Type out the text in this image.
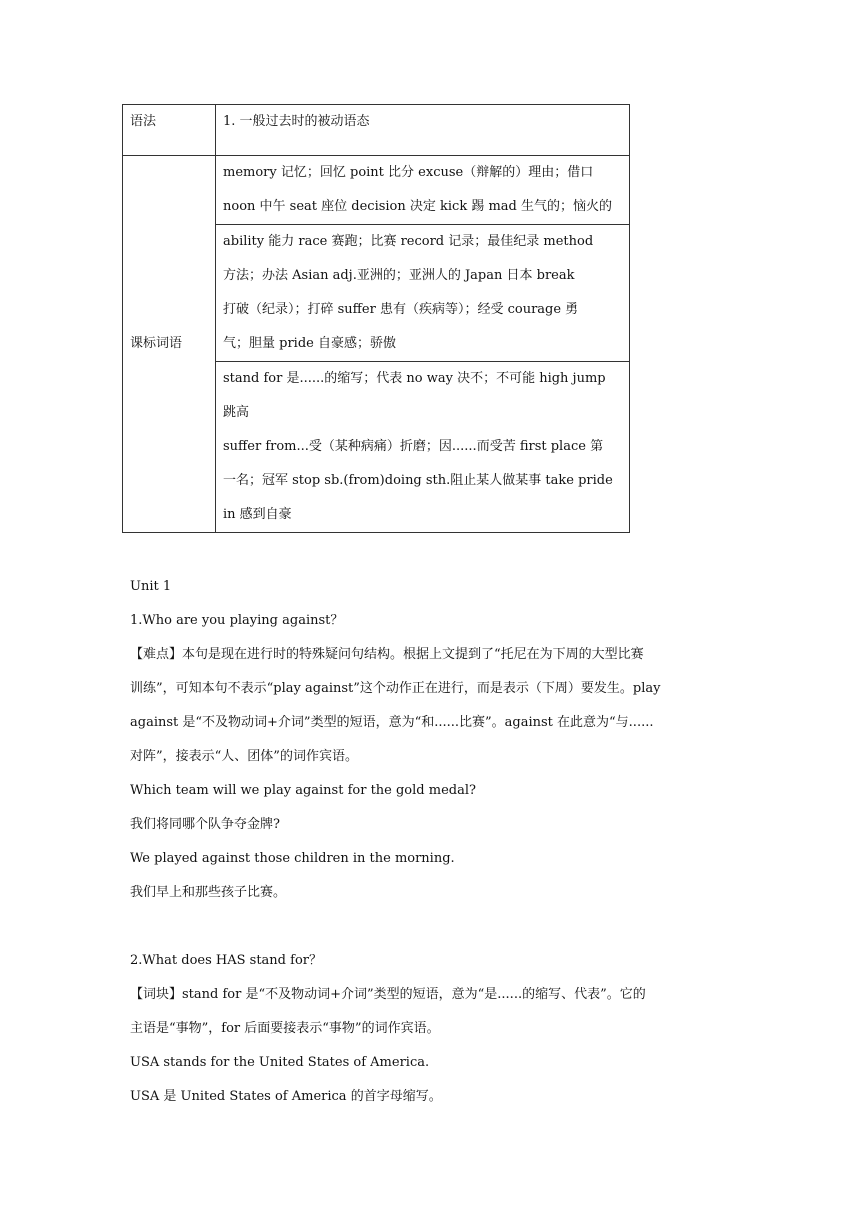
语法	1. 一般过去时的被动语态

课标词语	memory 记忆；回忆 point 比分 excuse（辩解的）理由；借口
noon 中午 seat 座位 decision 决定 kick 踢 mad 生气的；恼火的

	ability 能力 race 赛跑；比赛 record 记录；最佳纪录 method
方法；办法 Asian adj.亚洲的；亚洲人的 Japan 日本 break
打破（纪录）；打碎 suffer 患有（疾病等）；经受 courage 勇
气；胆量 pride 自豪感；骄傲

	stand for 是......的缩写；代表 no way 决不；不可能 high jump
跳高
suffer from...受（某种病痛）折磨；因......而受苦 first place 第
一名；冠军 stop sb.(from)doing sth.阻止某人做某事 take pride
in 感到自豪

Unit 1

1.Who are you playing against？

【难点】本句是现在进行时的特殊疑问句结构。根据上文提到了“托尼在为下周的大型比赛

训练”，可知本句不表示“play against”这个动作正在进行，而是表示（下周）要发生。play

against 是“不及物动词+介词”类型的短语，意为“和......比赛”。against 在此意为“与......

对阵”，接表示“人、团体”的词作宾语。

Which team will we play against for the gold medal?

我们将同哪个队争夺金牌?

We played against those children in the morning.

我们早上和那些孩子比赛。

2.What does HAS stand for？

【词块】stand for 是“不及物动词+介词”类型的短语，意为“是......的缩写、代表”。它的

主语是“事物”，for 后面要接表示“事物”的词作宾语。

USA stands for the United States of America.

USA 是 United States of America 的首字母缩写。
